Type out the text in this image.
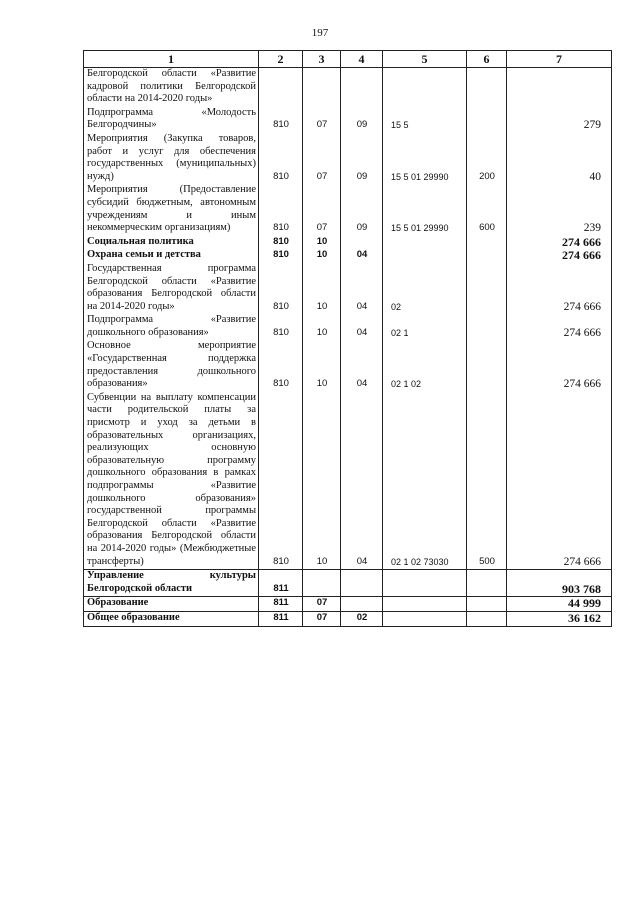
197
1	2	3	4	5	6	7
Белгородской области «Развитие кадровой политики Белгородской области на 2014-2020 годы»						
Подпрограмма «Молодость Белгородчины»	810	07	09	15 5		279
Мероприятия (Закупка товаров, работ и услуг для обеспечения государственных (муниципальных) нужд)	810	07	09	15 5 01 29990	200	40
Мероприятия (Предоставление субсидий бюджетным, автономным учреждениям и иным некоммерческим организациям)	810	07	09	15 5 01 29990	600	239
Социальная политика	810	10				274 666
Охрана семьи и детства	810	10	04			274 666
Государственная программа Белгородской области «Развитие образования Белгородской области на 2014-2020 годы»	810	10	04	02		274 666
Подпрограмма «Развитие дошкольного образования»	810	10	04	02 1		274 666
Основное мероприятие «Государственная поддержка предоставления дошкольного образования»	810	10	04	02 1 02		274 666
Субвенции на выплату компенсации части родительской платы за присмотр и уход за детьми в образовательных организациях, реализующих основную образовательную программу дошкольного образования в рамках подпрограммы «Развитие дошкольного образования» государственной программы Белгородской области «Развитие образования Белгородской области на 2014-2020 годы» (Межбюджетные трансферты)	810	10	04	02 1 02 73030	500	274 666
Управление культуры Белгородской области	811					903 768
Образование	811	07				44 999
Общее образование	811	07	02			36 162
